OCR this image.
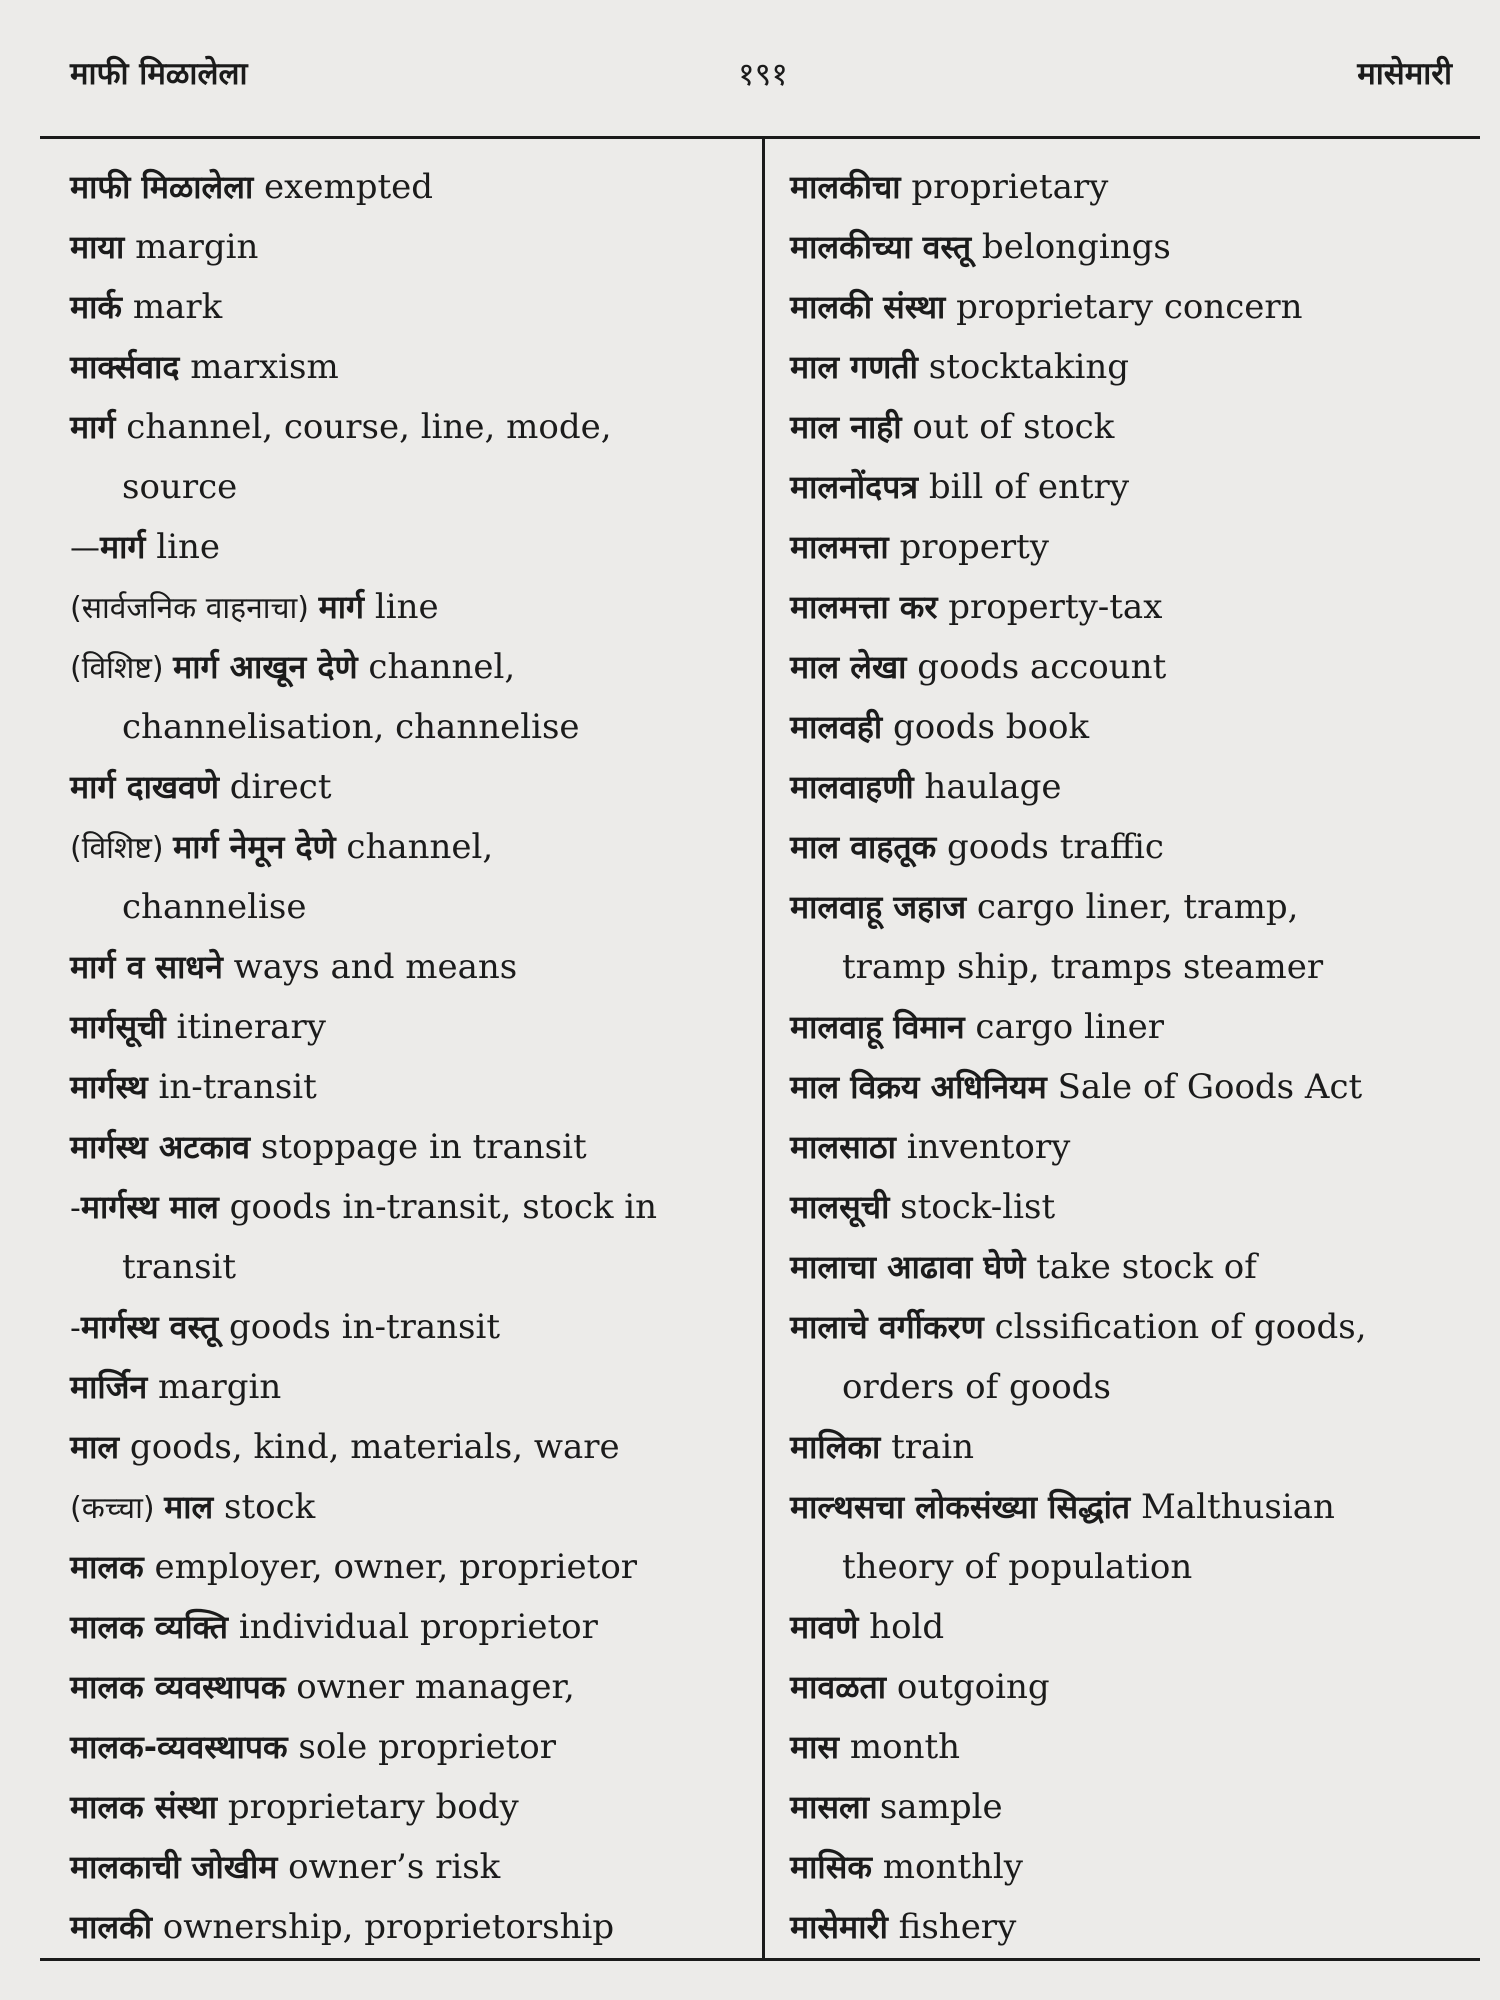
माफी मिळालेला	१९१	मासेमारी
माफी मिळालेला exempted
माया margin
मार्क mark
मार्क्सवाद marxism
मार्ग channel, course, line, mode,
source
—मार्ग line
(सार्वजनिक वाहनाचा) मार्ग line
(विशिष्ट) मार्ग आखून देणे channel,
channelisation, channelise
मार्ग दाखवणे direct
(विशिष्ट) मार्ग नेमून देणे channel,
channelise
मार्ग व साधने ways and means
मार्गसूची itinerary
मार्गस्थ in-transit
मार्गस्थ अटकाव stoppage in transit
-मार्गस्थ माल goods in-transit, stock in
transit
-मार्गस्थ वस्तू goods in-transit
मार्जिन margin
माल goods, kind, materials, ware
(कच्चा) माल stock
मालक employer, owner, proprietor
मालक व्यक्ति individual proprietor
मालक व्यवस्थापक owner manager,
मालक-व्यवस्थापक sole proprietor
मालक संस्था proprietary body
मालकाची जोखीम owner’s risk
मालकी ownership, proprietorship
मालकीचा proprietary
मालकीच्या वस्तू belongings
मालकी संस्था proprietary concern
माल गणती stocktaking
माल नाही out of stock
मालनोंदपत्र bill of entry
मालमत्ता property
मालमत्ता कर property-tax
माल लेखा goods account
मालवही goods book
मालवाहणी haulage
माल वाहतूक goods traffic
मालवाहू जहाज cargo liner, tramp,
tramp ship, tramps steamer
मालवाहू विमान cargo liner
माल विक्रय अधिनियम Sale of Goods Act
मालसाठा inventory
मालसूची stock-list
मालाचा आढावा घेणे take stock of
मालाचे वर्गीकरण clssification of goods,
orders of goods
मालिका train
माल्थसचा लोकसंख्या सिद्धांत Malthusian
theory of population
मावणे hold
मावळता outgoing
मास month
मासला sample
मासिक monthly
मासेमारी fishery
